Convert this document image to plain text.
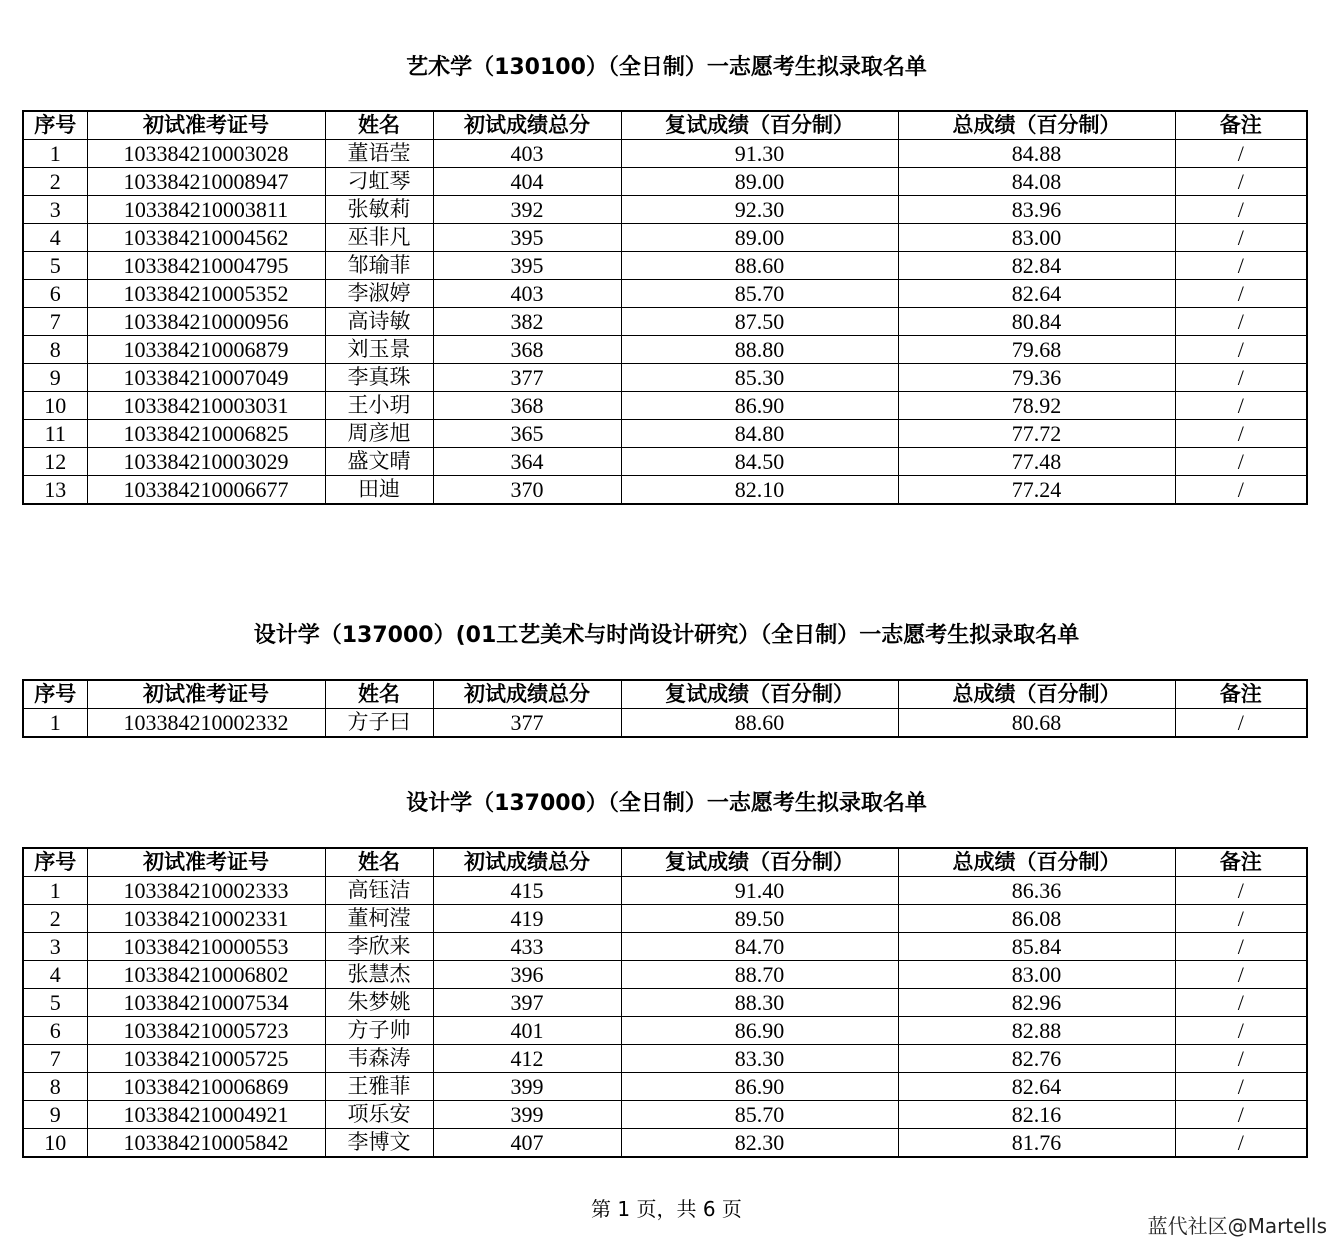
艺术学（130100）（全日制）一志愿考生拟录取名单
序号	初试准考证号	姓名	初试成绩总分	复试成绩（百分制）	总成绩（百分制）	备注
1	103384210003028	董语莹	403	91.30	84.88	/
2	103384210008947	刁虹琴	404	89.00	84.08	/
3	103384210003811	张敏莉	392	92.30	83.96	/
4	103384210004562	巫非凡	395	89.00	83.00	/
5	103384210004795	邹瑜菲	395	88.60	82.84	/
6	103384210005352	李淑婷	403	85.70	82.64	/
7	103384210000956	高诗敏	382	87.50	80.84	/
8	103384210006879	刘玉景	368	88.80	79.68	/
9	103384210007049	李真珠	377	85.30	79.36	/
10	103384210003031	王小玥	368	86.90	78.92	/
11	103384210006825	周彦旭	365	84.80	77.72	/
12	103384210003029	盛文晴	364	84.50	77.48	/
13	103384210006677	田迪	370	82.10	77.24	/
设计学（137000）(01工艺美术与时尚设计研究）（全日制）一志愿考生拟录取名单
序号	初试准考证号	姓名	初试成绩总分	复试成绩（百分制）	总成绩（百分制）	备注
1	103384210002332	方子曰	377	88.60	80.68	/
设计学（137000）（全日制）一志愿考生拟录取名单
序号	初试准考证号	姓名	初试成绩总分	复试成绩（百分制）	总成绩（百分制）	备注
1	103384210002333	高钰洁	415	91.40	86.36	/
2	103384210002331	董柯滢	419	89.50	86.08	/
3	103384210000553	李欣来	433	84.70	85.84	/
4	103384210006802	张慧杰	396	88.70	83.00	/
5	103384210007534	朱梦姚	397	88.30	82.96	/
6	103384210005723	方子帅	401	86.90	82.88	/
7	103384210005725	韦森涛	412	83.30	82.76	/
8	103384210006869	王雅菲	399	86.90	82.64	/
9	103384210004921	项乐安	399	85.70	82.16	/
10	103384210005842	李博文	407	82.30	81.76	/
第 1 页，共 6 页
蓝代社区@Martells
